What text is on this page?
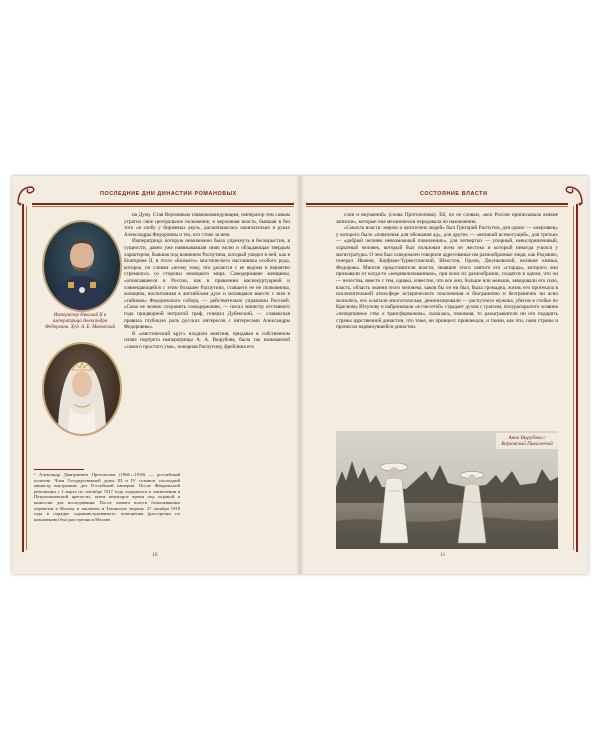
ПОСЛЕДНИЕ ДНИ ДИНАСТИИ РОМАНОВЫХ
Император Николай II и императрица Александра Федоровна. Худ. А. Е. Маковский

на Думу. Став Верховным главнокомандующим, император тем самым утратил свое центральное положение, и верховная власть, бывшая в без того «в злобу у биржевых акул», расшатывалась окончательно в руках Александры Федоровны и тех, кто стоял за нею.

Императрица, которую невозможно было упрекнуть в бескорыстии, в сущности, давно уже навязывавшая свою волю и обладающая твердым характером, бывшая под влиянием Распутина, который увидел в ней, как в Екатерине II, в этого «Божьего» мистического наставника особого рода, которое, по словам «всему тому, что делается с ее ведома и вероятно стремилось со стороны немецкого мира. Самодержавие женщины, «опоясавшееся в России, как в правлении маскокуртуарией и совмещающейся с этим большее Распутина, ставшего ее не полковника, женщина, воспитанная в английском духе и молящаяся вместе с ним в «тайнике» Федоровского собора, — действительно управляли Россией. «Сама не можно сохранить самодержание, — писал министр отставного года придворной интригой граф, генерал Дубенский, — славянская правила глубокую роль русских интересов с интересами Александры Федоровны».

В «мистический круг» входили княгиня, придавая в собственном плане портрета императрицы А. А. Вырубова, была так называемой «самого простого ума», покорная Распутину, фрейлина его

¹ Александр Дмитриевич Протопопов (1866—1918) — российский политик. Член Государственной думы III и IV созывов, последний министр внутренних дел Российской империи. После Февральской революции с 1 марта по сентябрь 1917 года содержался в заключении в Петропавловской крепости, затем некоторое время под охраной в комиссии для исследования. После захвата власти большевиками перевезен в Москву и заключен в Таганскую тюрьму. 27 октября 1918 года в порядке «административного» повторения (расстрелян по назначению) был расстрелян в Москве.
10
СОСТОЯНИЕ ВЛАСТИ

слов и внушений» (слова Протопопова). Ей, по ее словам, «вся Россия приписывала всякие записки», которые она механически передавала по назначению.

«Смысло власти: мерою и целителем людей» был Григорий Распутин, для одних — «мерзавец» у которого было «повеленье для обожания ад», для других — «великий всемогущий», для третьих — «добрый человек невозможный повеленник», для четвертых — упорный, невосприимчивый, скрытный человек, который был пользован всем он жестоко и который никогда учился у магистратуры. О чем был осведомлен говорили адресованые им разнообразные люди, как Родзянко, генерал Иванов, Кауфман-Туркестанский, Шеостов, Орлов, Джунковский, великие князья, Федоровы. Многие представители власти, знавшие этого святого его «старца», которого они призывали от когда-то «нецивилизованным», при всем их разнообразии, сходятся в одном, что он — нелестна, вместе с тем, однако, известно, что все они, больше или меньше, завидовали его силе, власть, область знания этого человека, каков бы он ни был, была громадна, жизнь его протекала в исключительной атмосфере истерического поклонения и безгранично и безгранично ни ясно молились, его осыпали многоголосым, демонизировали — распутного мужика, убегом в стойке по Красному Юсупову и набрасывали «в гнесотой» страдает духом с трагизм, полураскрытого хозяина «печерпинное ство о трансформоном», сказалась, пожимая, то разыгрыватели ни его подарить страны царственной династии, что тоже, он принцесс привлекали, и таким, как эти, сами страны и пронисли надвинувшейся династии.

Анна Вырубова с Верховской Пикалеевой
11
